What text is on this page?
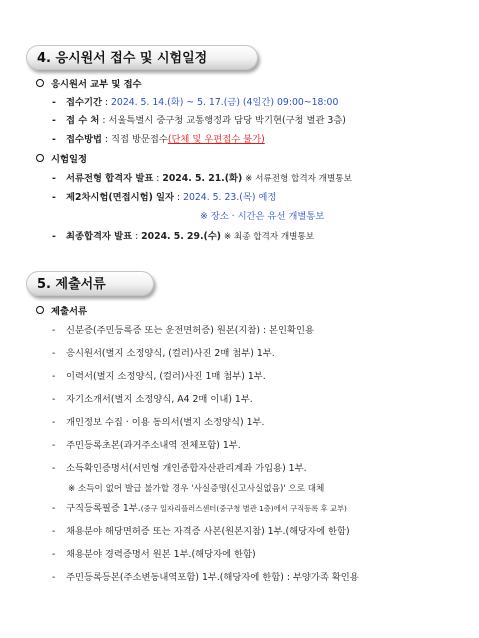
4. 응시원서 접수 및 시험일정
응시원서 교부 및 접수
- 접수기간 : 2024. 5. 14.(화) ~ 5. 17.(금) (4일간) 09:00~18:00
- 접 수 처 : 서울특별시 중구청 교통행정과 담당 박기현(구청 별관 3층)
- 접수방법 : 직접 방문접수(단체 및 우편접수 불가)
시험일정
- 서류전형 합격자 발표 : 2024. 5. 21.(화) ※ 서류전형 합격자 개별통보
- 제2차시험(면접시험) 일자 : 2024. 5. 23.(목) 예정
※ 장소 · 시간은 유선 개별통보
- 최종합격자 발표 : 2024. 5. 29.(수) ※ 최종 합격자 개별통보
5. 제출서류
제출서류
- 신분증(주민등록증 또는 운전면허증) 원본(지참) : 본인확인용
- 응시원서(별지 소정양식, (컬러)사진 2매 첨부) 1부.
- 이력서(별지 소정양식, (컬러)사진 1매 첨부) 1부.
- 자기소개서(별지 소정양식, A4 2매 이내) 1부.
- 개인정보 수집 · 이용 동의서(별지 소정양식) 1부.
- 주민등록초본(과거주소내역 전체포함) 1부.
- 소득확인증명서(서민형 개인종합자산관리계좌 가입용) 1부.
※ 소득이 없어 발급 불가할 경우 '사실증명(신고사실없음)' 으로 대체
- 구직등록필증 1부.(중구 일자리플러스센터(중구청 별관 1층)에서 구직등록 후 교부)
- 채용분야 해당면허증 또는 자격증 사본(원본지참) 1부.(해당자에 한함)
- 채용분야 경력증명서 원본 1부.(해당자에 한함)
- 주민등록등본(주소변동내역포함) 1부.(해당자에 한함) : 부양가족 확인용
